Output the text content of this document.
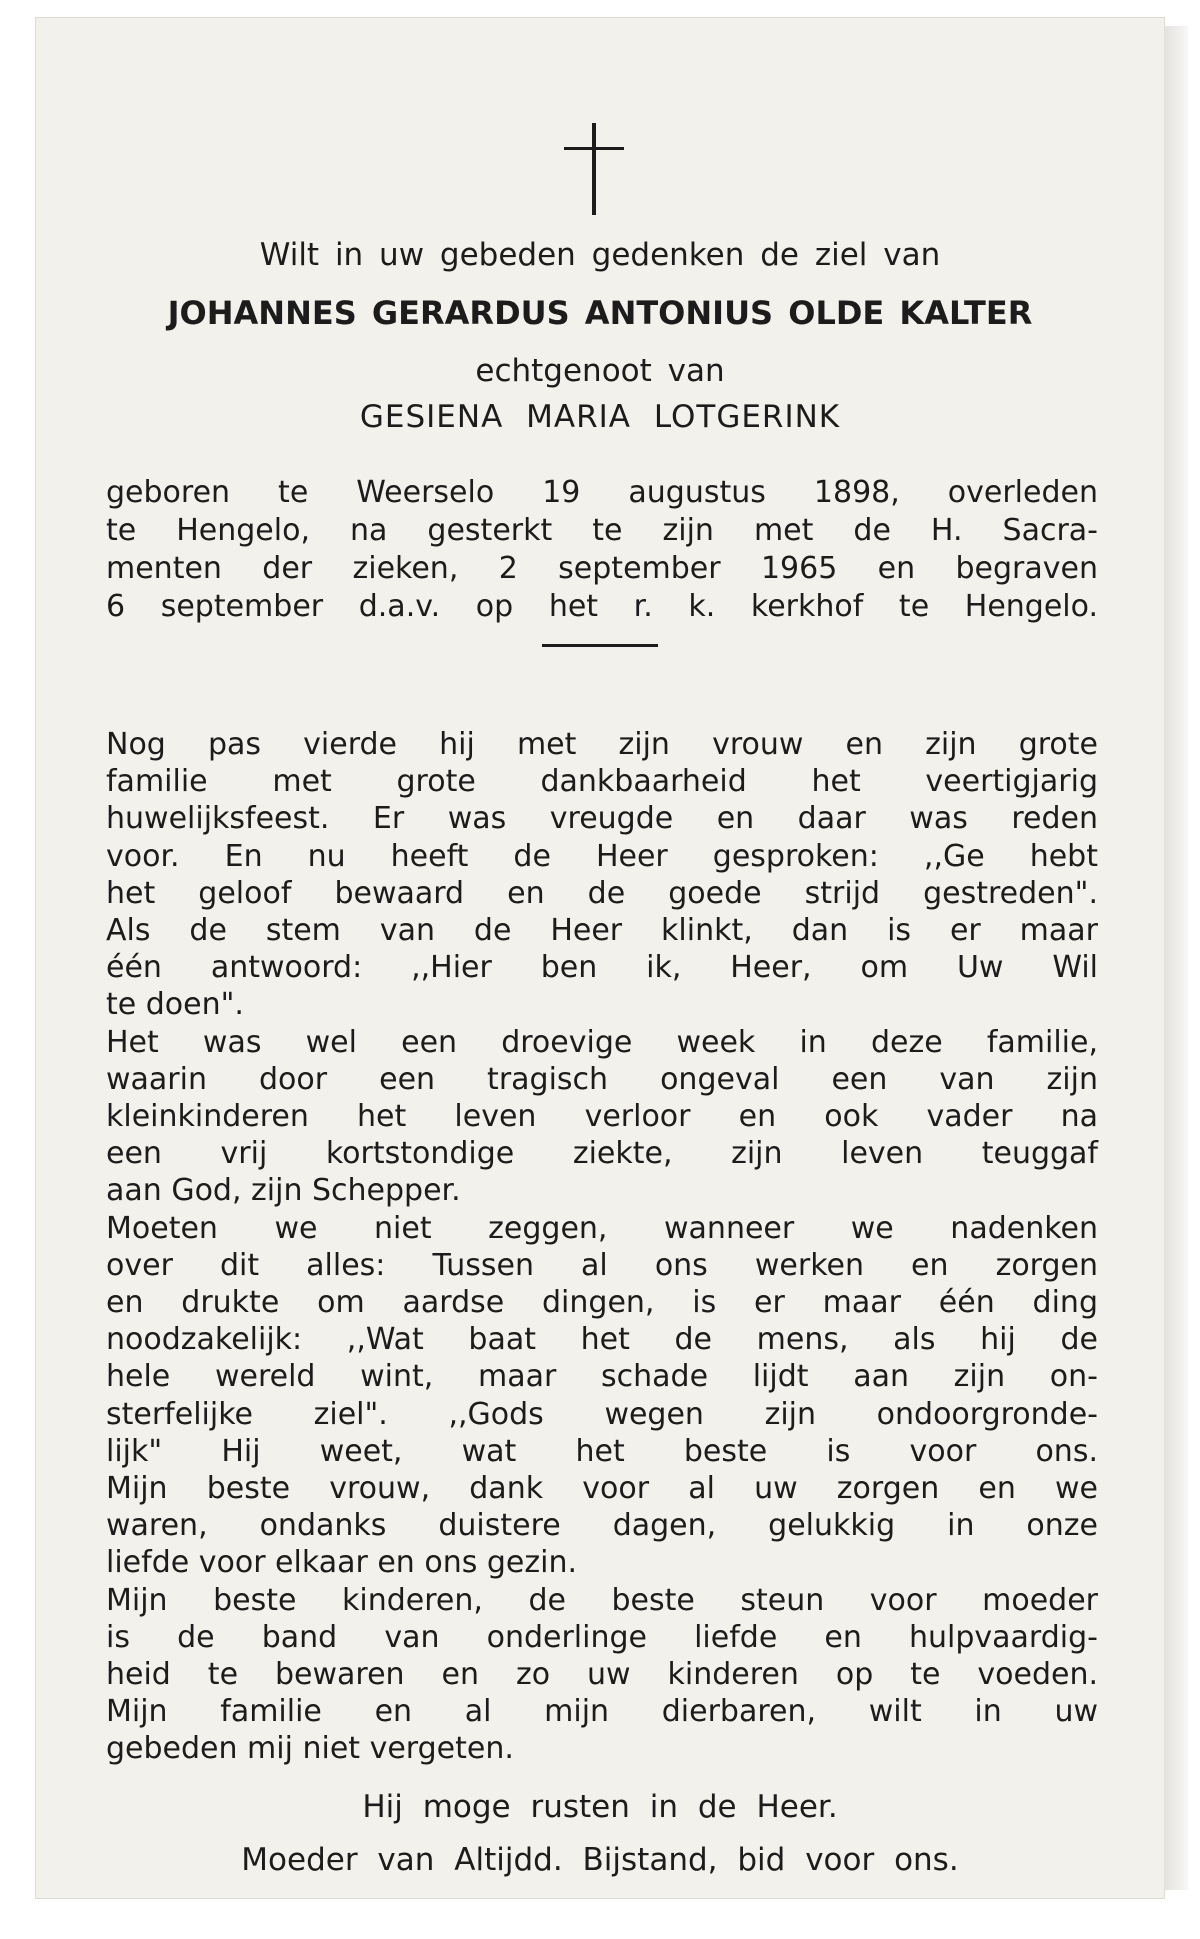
Wilt in uw gebeden gedenken de ziel van
JOHANNES GERARDUS ANTONIUS OLDE KALTER
echtgenoot van
GESIENA MARIA LOTGERINK
geboren te Weerselo 19 augustus 1898, overleden
te Hengelo, na gesterkt te zijn met de H. Sacra-
menten der zieken, 2 september 1965 en begraven
6 september d.a.v. op het r. k. kerkhof te Hengelo.
Nog pas vierde hij met zijn vrouw en zijn grote
familie met grote dankbaarheid het veertigjarig
huwelijksfeest. Er was vreugde en daar was reden
voor. En nu heeft de Heer gesproken: ,,Ge hebt
het geloof bewaard en de goede strijd gestreden".
Als de stem van de Heer klinkt, dan is er maar
één antwoord: ,,Hier ben ik, Heer, om Uw Wil
te doen".
Het was wel een droevige week in deze familie,
waarin door een tragisch ongeval een van zijn
kleinkinderen het leven verloor en ook vader na
een vrij kortstondige ziekte, zijn leven teuggaf
aan God, zijn Schepper.
Moeten we niet zeggen, wanneer we nadenken
over dit alles: Tussen al ons werken en zorgen
en drukte om aardse dingen, is er maar één ding
noodzakelijk: ,,Wat baat het de mens, als hij de
hele wereld wint, maar schade lijdt aan zijn on-
sterfelijke ziel". ,,Gods wegen zijn ondoorgronde-
lijk" Hij weet, wat het beste is voor ons.
Mijn beste vrouw, dank voor al uw zorgen en we
waren, ondanks duistere dagen, gelukkig in onze
liefde voor elkaar en ons gezin.
Mijn beste kinderen, de beste steun voor moeder
is de band van onderlinge liefde en hulpvaardig-
heid te bewaren en zo uw kinderen op te voeden.
Mijn familie en al mijn dierbaren, wilt in uw
gebeden mij niet vergeten.
Hij moge rusten in de Heer.
Moeder van Altijdd. Bijstand, bid voor ons.
